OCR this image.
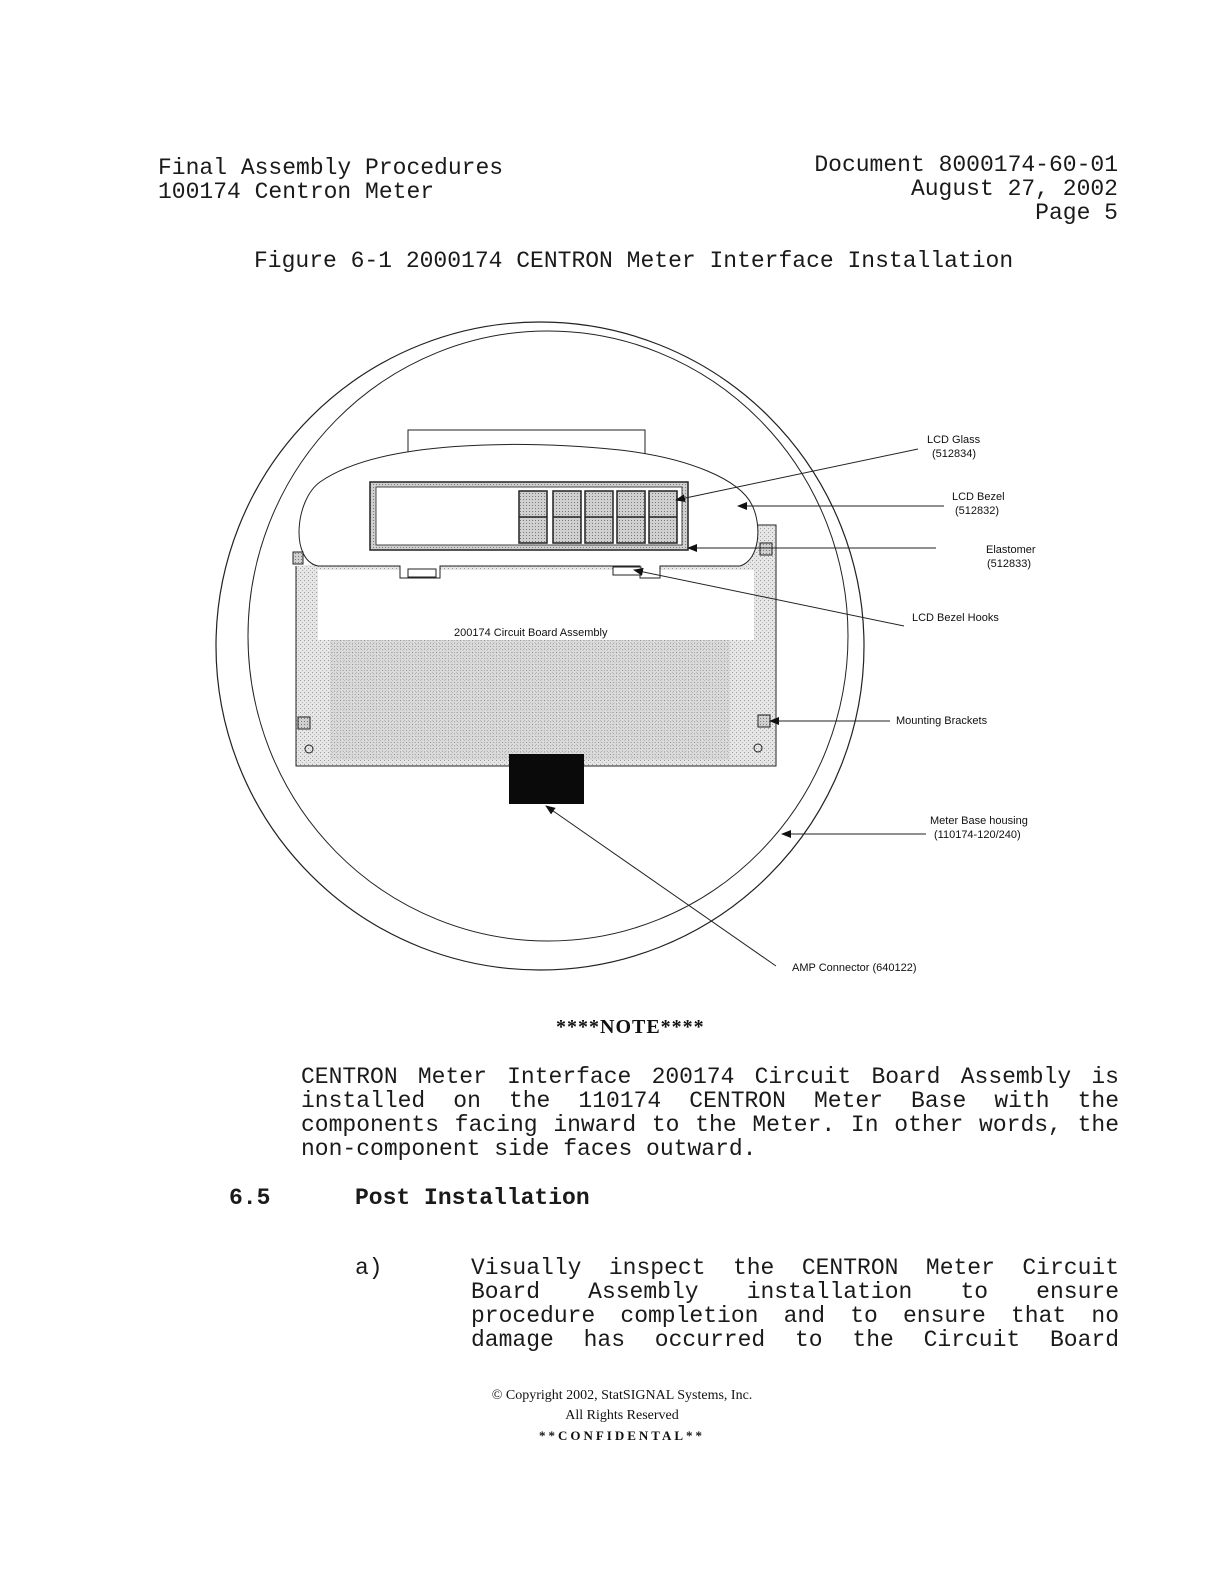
Final Assembly Procedures
100174 Centron Meter
Document 8000174-60-01
August 27, 2002
Page 5
Figure 6-1 2000174 CENTRON Meter Interface Installation
200174 Circuit Board Assembly
LCD Glass
(512834)
LCD Bezel
(512832)
Elastomer
(512833)
LCD Bezel Hooks
Mounting Brackets
Meter Base housing
(110174-120/240)
AMP Connector (640122)
****NOTE****

CENTRON Meter Interface 200174 Circuit Board Assembly is installed on the 110174 CENTRON Meter Base with the components facing inward to the Meter. In other words, the non-component side faces outward.

6.5	Post Installation
a)	Visually inspect the CENTRON Meter Circuit Board Assembly installation to ensure procedure completion and to ensure that no damage has occurred to the Circuit Board

© Copyright 2002, StatSIGNAL Systems, Inc.
All Rights Reserved
**CONFIDENTAL**
